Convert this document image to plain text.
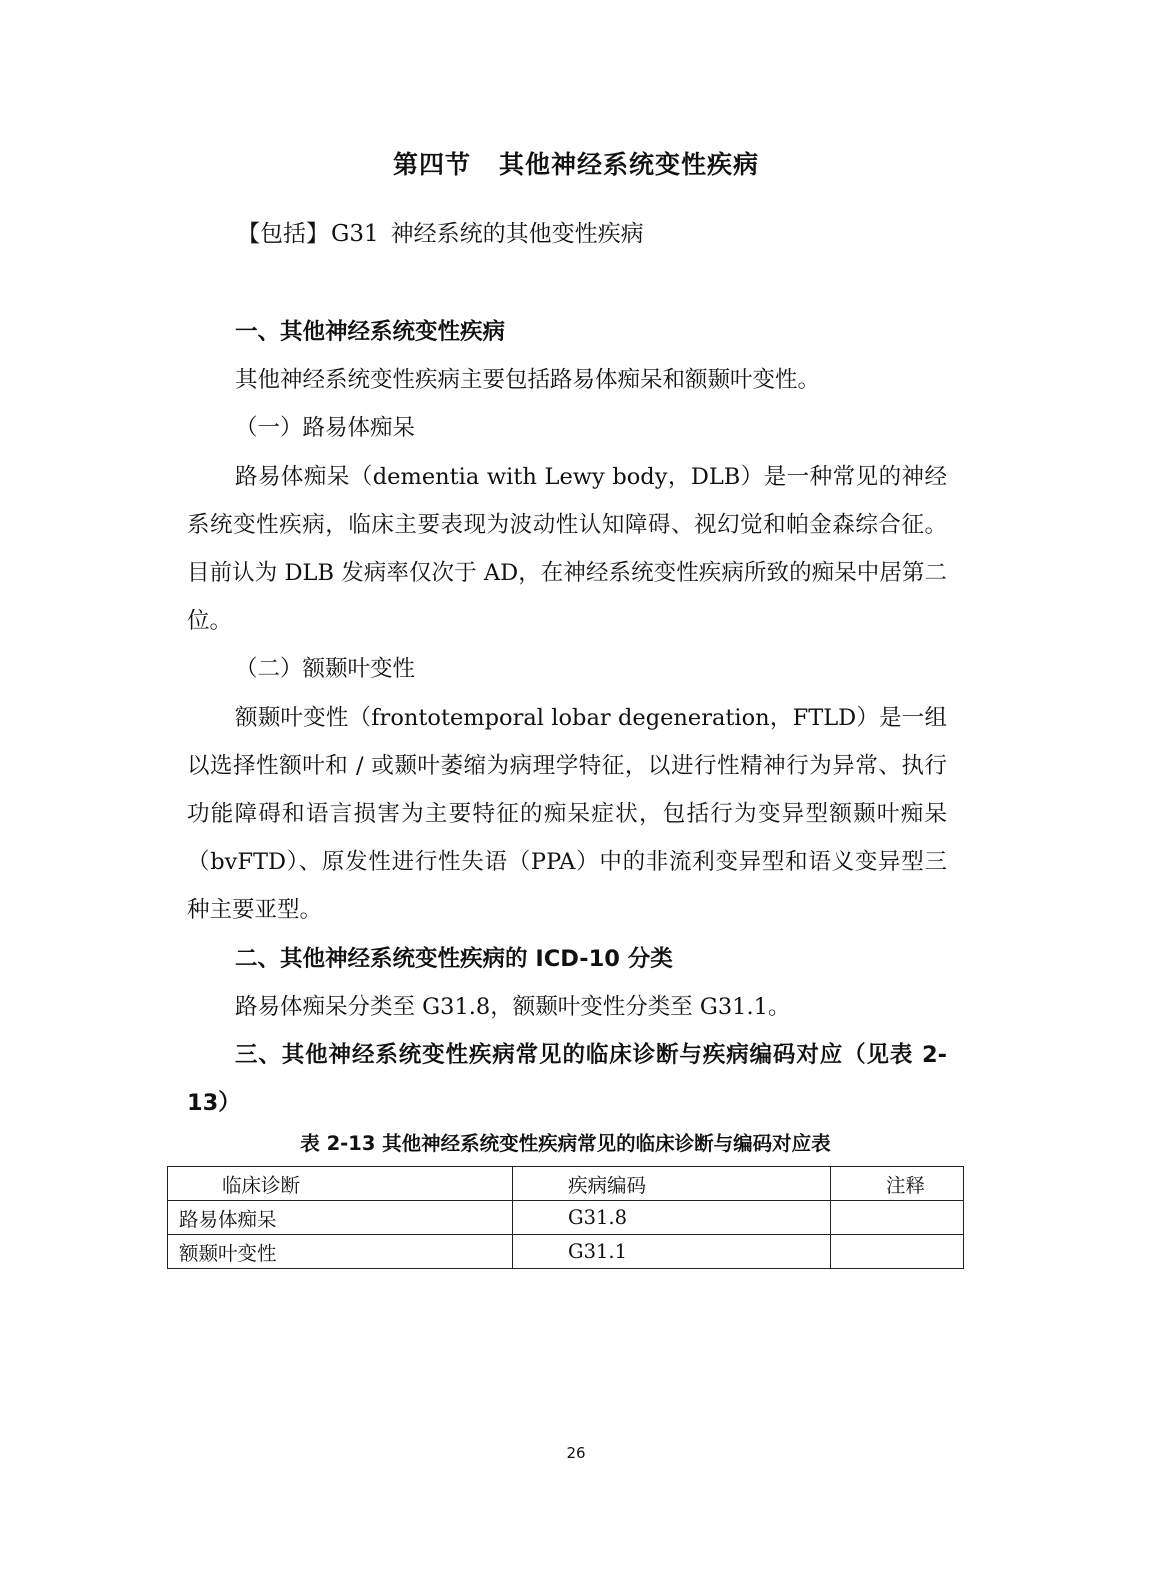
第四节 其他神经系统变性疾病
【包括】G31 神经系统的其他变性疾病

一、其他神经系统变性疾病

其他神经系统变性疾病主要包括路易体痴呆和额颞叶变性。

（一）路易体痴呆

路易体痴呆（dementia with Lewy body，DLB）是一种常见的神经系统变性疾病，临床主要表现为波动性认知障碍、视幻觉和帕金森综合征。目前认为 DLB 发病率仅次于 AD，在神经系统变性疾病所致的痴呆中居第二位。

（二）额颞叶变性

额颞叶变性（frontotemporal lobar degeneration，FTLD）是一组以选择性额叶和 / 或颞叶萎缩为病理学特征，以进行性精神行为异常、执行功能障碍和语言损害为主要特征的痴呆症状，包括行为变异型额颞叶痴呆（bvFTD）、原发性进行性失语（PPA）中的非流利变异型和语义变异型三种主要亚型。

二、其他神经系统变性疾病的 ICD-10 分类

路易体痴呆分类至 G31.8，额颞叶变性分类至 G31.1。

三、其他神经系统变性疾病常见的临床诊断与疾病编码对应（见表 2-13）

表 2-13 其他神经系统变性疾病常见的临床诊断与编码对应表
临床诊断	疾病编码	注释
路易体痴呆	G31.8	
额颞叶变性	G31.1	
26
